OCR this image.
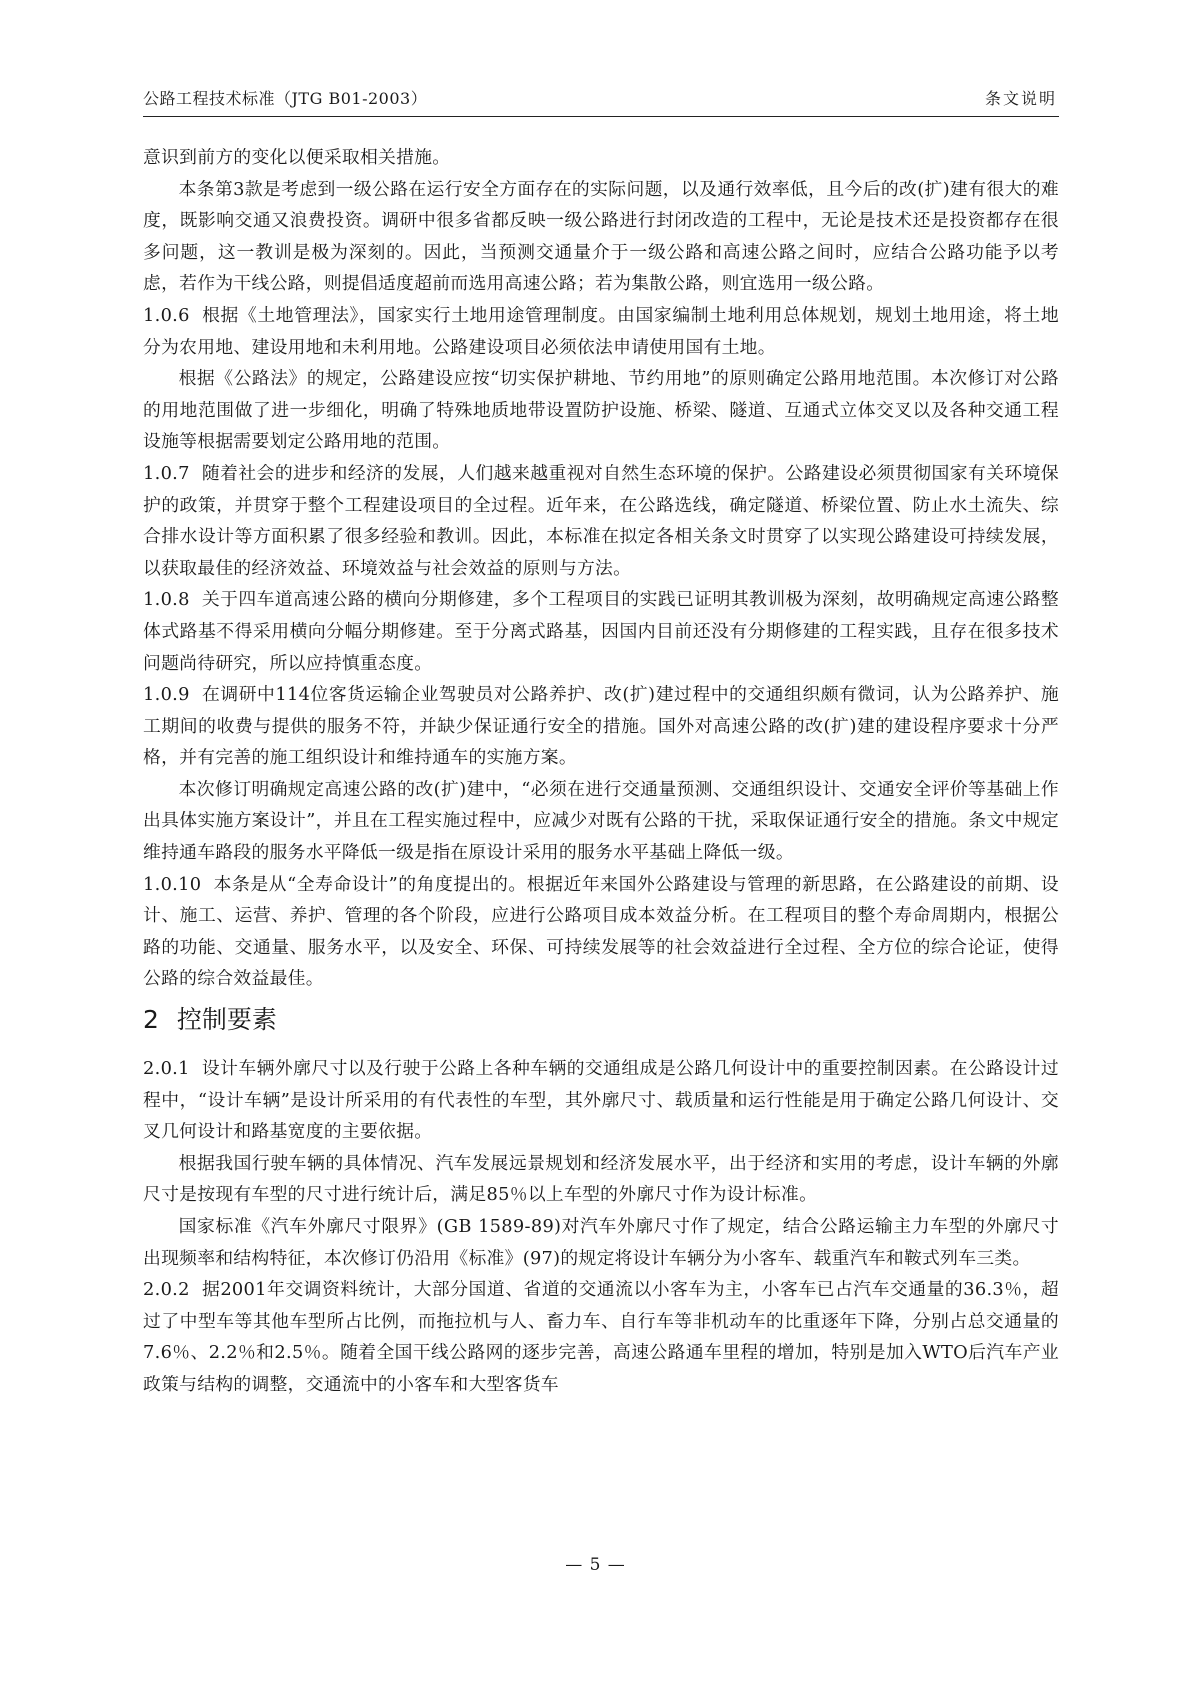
公路工程技术标准（JTG B01-2003）	条文说明

意识到前方的变化以便采取相关措施。

本条第3款是考虑到一级公路在运行安全方面存在的实际问题，以及通行效率低，且今后的改(扩)建有很大的难度，既影响交通又浪费投资。调研中很多省都反映一级公路进行封闭改造的工程中，无论是技术还是投资都存在很多问题，这一教训是极为深刻的。因此，当预测交通量介于一级公路和高速公路之间时，应结合公路功能予以考虑，若作为干线公路，则提倡适度超前而选用高速公路；若为集散公路，则宜选用一级公路。

1.0.6 根据《土地管理法》，国家实行土地用途管理制度。由国家编制土地利用总体规划，规划土地用途，将土地分为农用地、建设用地和未利用地。公路建设项目必须依法申请使用国有土地。

根据《公路法》的规定，公路建设应按“切实保护耕地、节约用地”的原则确定公路用地范围。本次修订对公路的用地范围做了进一步细化，明确了特殊地质地带设置防护设施、桥梁、隧道、互通式立体交叉以及各种交通工程设施等根据需要划定公路用地的范围。

1.0.7 随着社会的进步和经济的发展，人们越来越重视对自然生态环境的保护。公路建设必须贯彻国家有关环境保护的政策，并贯穿于整个工程建设项目的全过程。近年来，在公路选线，确定隧道、桥梁位置、防止水土流失、综合排水设计等方面积累了很多经验和教训。因此，本标准在拟定各相关条文时贯穿了以实现公路建设可持续发展，以获取最佳的经济效益、环境效益与社会效益的原则与方法。

1.0.8 关于四车道高速公路的横向分期修建，多个工程项目的实践已证明其教训极为深刻，故明确规定高速公路整体式路基不得采用横向分幅分期修建。至于分离式路基，因国内目前还没有分期修建的工程实践，且存在很多技术问题尚待研究，所以应持慎重态度。

1.0.9 在调研中114位客货运输企业驾驶员对公路养护、改(扩)建过程中的交通组织颇有微词，认为公路养护、施工期间的收费与提供的服务不符，并缺少保证通行安全的措施。国外对高速公路的改(扩)建的建设程序要求十分严格，并有完善的施工组织设计和维持通车的实施方案。

本次修订明确规定高速公路的改(扩)建中，“必须在进行交通量预测、交通组织设计、交通安全评价等基础上作出具体实施方案设计”，并且在工程实施过程中，应减少对既有公路的干扰，采取保证通行安全的措施。条文中规定维持通车路段的服务水平降低一级是指在原设计采用的服务水平基础上降低一级。

1.0.10 本条是从“全寿命设计”的角度提出的。根据近年来国外公路建设与管理的新思路，在公路建设的前期、设计、施工、运营、养护、管理的各个阶段，应进行公路项目成本效益分析。在工程项目的整个寿命周期内，根据公路的功能、交通量、服务水平，以及安全、环保、可持续发展等的社会效益进行全过程、全方位的综合论证，使得公路的综合效益最佳。

2 控制要素

2.0.1 设计车辆外廓尺寸以及行驶于公路上各种车辆的交通组成是公路几何设计中的重要控制因素。在公路设计过程中，“设计车辆”是设计所采用的有代表性的车型，其外廓尺寸、载质量和运行性能是用于确定公路几何设计、交叉几何设计和路基宽度的主要依据。

根据我国行驶车辆的具体情况、汽车发展远景规划和经济发展水平，出于经济和实用的考虑，设计车辆的外廓尺寸是按现有车型的尺寸进行统计后，满足85％以上车型的外廓尺寸作为设计标准。

国家标准《汽车外廓尺寸限界》(GB 1589-89)对汽车外廓尺寸作了规定，结合公路运输主力车型的外廓尺寸出现频率和结构特征，本次修订仍沿用《标准》(97)的规定将设计车辆分为小客车、载重汽车和鞍式列车三类。

2.0.2 据2001年交调资料统计，大部分国道、省道的交通流以小客车为主，小客车已占汽车交通量的36.3％，超过了中型车等其他车型所占比例，而拖拉机与人、畜力车、自行车等非机动车的比重逐年下降，分别占总交通量的7.6％、2.2％和2.5％。随着全国干线公路网的逐步完善，高速公路通车里程的增加，特别是加入WTO后汽车产业政策与结构的调整，交通流中的小客车和大型客货车

— 5 —
